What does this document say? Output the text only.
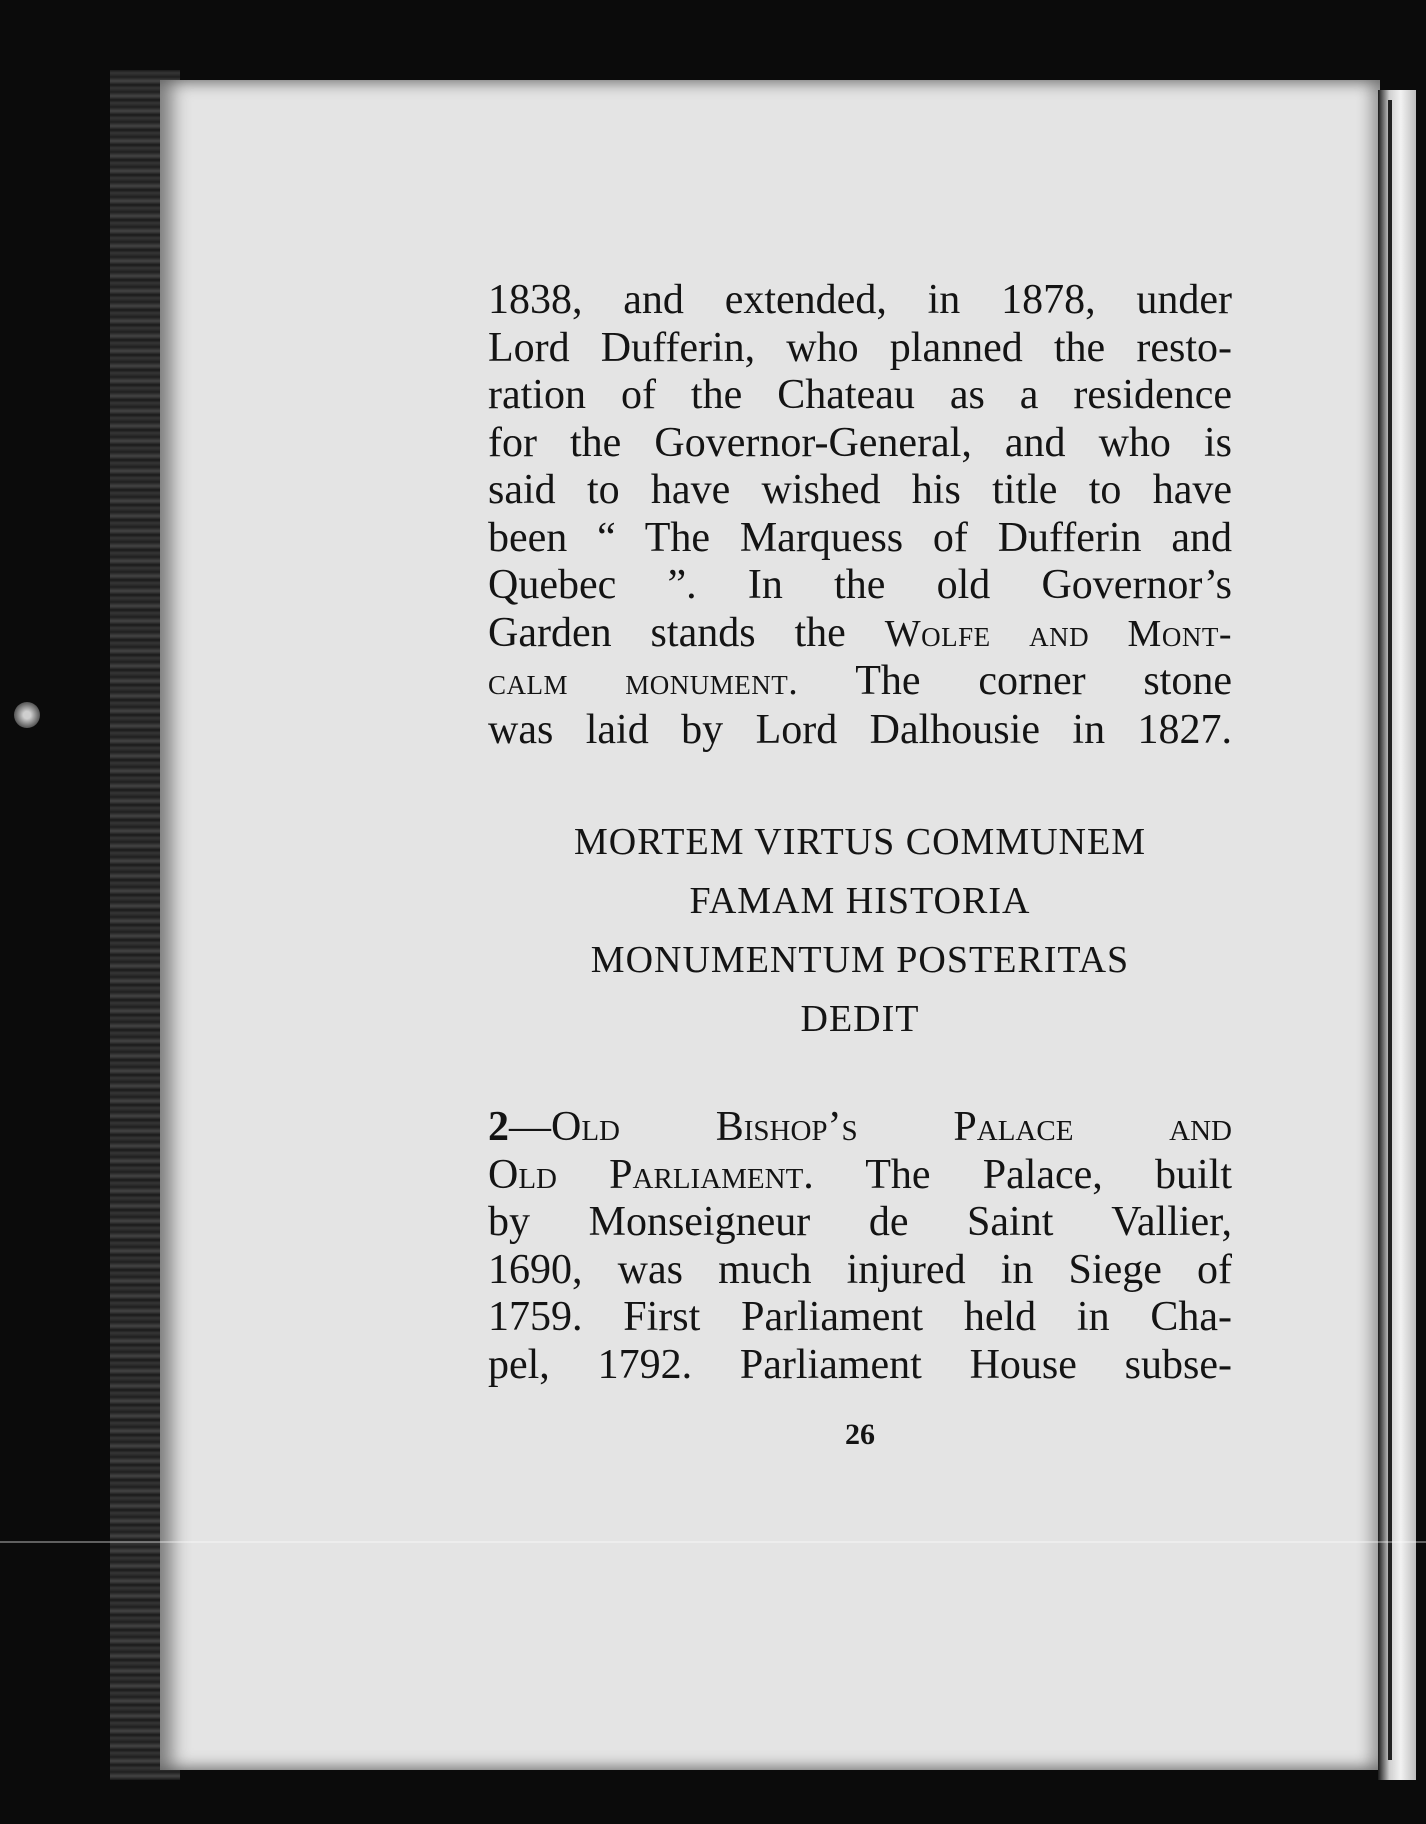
1838, and extended, in 1878, under

Lord Dufferin, who planned the resto-

ration of the Chateau as a residence

for the Governor-General, and who is

said to have wished his title to have

been “ The Marquess of Dufferin and

Quebec ”. In the old Governor’s

Garden stands the Wolfe and Mont-

calm monument. The corner stone

was laid by Lord Dalhousie in 1827.

MORTEM VIRTUS COMMUNEM
FAMAM HISTORIA
MONUMENTUM POSTERITAS
DEDIT

2—Old Bishop’s Palace and

Old Parliament. The Palace, built

by Monseigneur de Saint Vallier,

1690, was much injured in Siege of

1759. First Parliament held in Cha-

pel, 1792. Parliament House subse-

26
